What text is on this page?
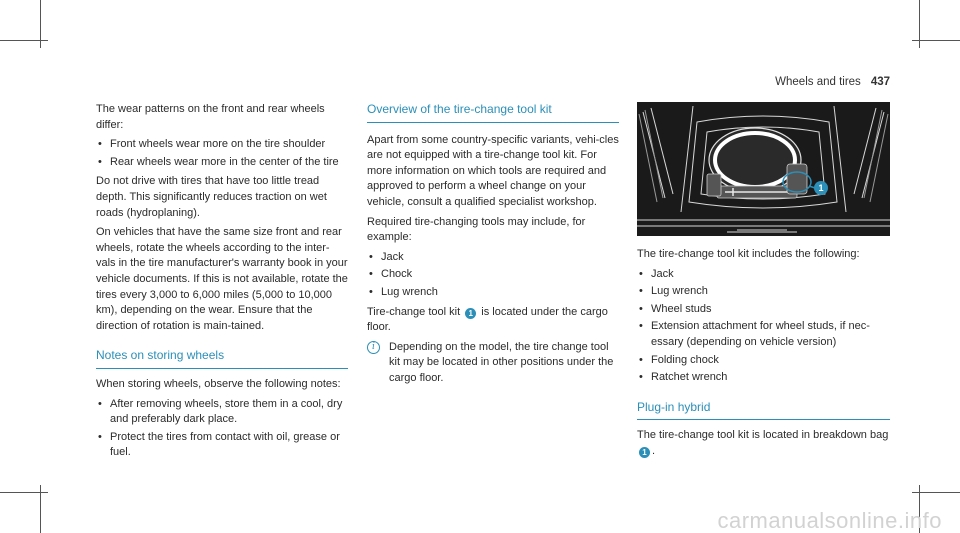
Wheels and tires 437

The wear patterns on the front and rear wheels differ:

• Front wheels wear more on the tire shoulder
• Rear wheels wear more in the center of the tire

Do not drive with tires that have too little tread depth. This significantly reduces traction on wet roads (hydroplaning).

On vehicles that have the same size front and rear wheels, rotate the wheels according to the inter-vals in the tire manufacturer's warranty book in your vehicle documents. If this is not available, rotate the tires every 3,000 to 6,000 miles (5,000 to 10,000 km), depending on the wear. Ensure that the direction of rotation is main-tained.

Notes on storing wheels

When storing wheels, observe the following notes:

• After removing wheels, store them in a cool, dry and preferably dark place.
• Protect the tires from contact with oil, grease or fuel.
Overview of the tire-change tool kit

Apart from some country-specific variants, vehi-cles are not equipped with a tire-change tool kit. For more information on which tools are required and approved to perform a wheel change on your vehicle, consult a qualified specialist workshop.

Required tire-changing tools may include, for example:

• Jack
• Chock
• Lug wrench

Tire-change tool kit 1 is located under the cargo floor.

i	Depending on the model, the tire change tool kit may be located in other positions under the cargo floor.
1

The tire-change tool kit includes the following:

• Jack
• Lug wrench
• Wheel studs
• Extension attachment for wheel studs, if nec-essary (depending on vehicle version)
• Folding chock
• Ratchet wrench
Plug-in hybrid

The tire-change tool kit is located in breakdown bag 1 .

carmanualsonline.info
